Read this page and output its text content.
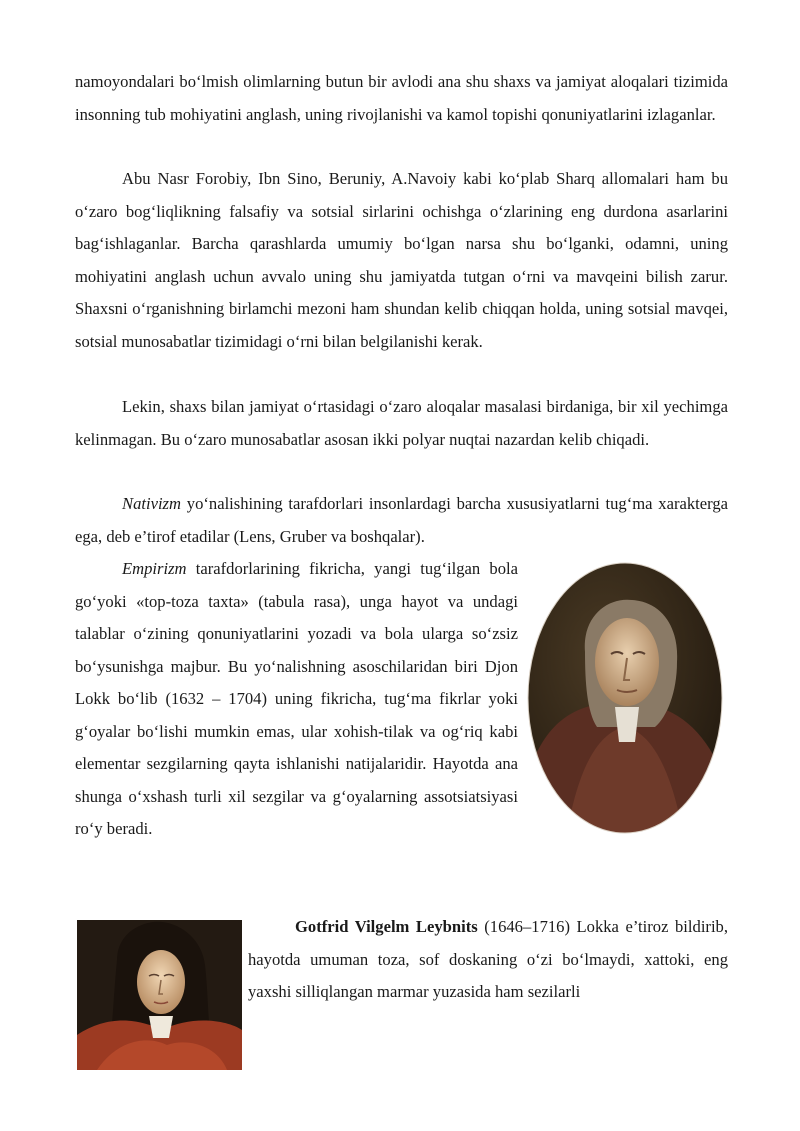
namoyondalari bo‘lmish olimlarning butun bir avlodi ana shu shaxs va jamiyat aloqalari tizimida insonning tub mohiyatini anglash, uning rivojlanishi va kamol topishi qonuniyatlarini izlaganlar.

Abu Nasr Forobiy, Ibn Sino, Beruniy, A.Navoiy kabi ko‘plab Sharq allomalari ham bu o‘zaro bog‘liqlikning falsafiy va sotsial sirlarini ochishga o‘zlarining eng durdona asarlarini bag‘ishlaganlar. Barcha qarashlarda umumiy bo‘lgan narsa shu bo‘lganki, odamni, uning mohiyatini anglash uchun avvalo uning shu jamiyatda tutgan o‘rni va mavqeini bilish zarur. Shaxsni o‘rganishning birlamchi mezoni ham shundan kelib chiqqan holda, uning sotsial mavqei, sotsial munosabatlar tizimidagi o‘rni bilan belgilanishi kerak.

Lekin, shaxs bilan jamiyat o‘rtasidagi o‘zaro aloqalar masalasi birdaniga, bir xil yechimga kelinmagan. Bu o‘zaro munosabatlar asosan ikki polyar nuqtai nazardan kelib chiqadi.

Nativizm yo‘nalishining tarafdorlari insonlardagi barcha xususiyatlarni tug‘ma xarakterga ega, deb e’tirof etadilar (Lens, Gruber va boshqalar).

Empirizm tarafdorlarining fikricha, yangi tug‘ilgan bola go‘yoki «top-toza taxta» (tabula rasa), unga hayot va undagi talablar o‘zining qonuniyatlarini yozadi va bola ularga so‘zsiz bo‘ysunishga majbur. Bu yo‘nalishning asoschilaridan biri Djon Lokk bo‘lib (1632 – 1704) uning fikricha, tug‘ma fikrlar yoki g‘oyalar bo‘lishi mumkin emas, ular xohish-tilak va og‘riq kabi elementar sezgilarning qayta ishlanishi natijalaridir. Hayotda ana shunga o‘xshash turli xil sezgilar va g‘oyalarning assotsiatsiyasi ro‘y beradi.

Gotfrid Vilgelm Leybnits (1646–1716) Lokka e’tiroz bildirib, hayotda umuman toza, sof doskaning o‘zi bo‘lmaydi, xattoki, eng yaxshi silliqlangan marmar yuzasida ham sezilarli
